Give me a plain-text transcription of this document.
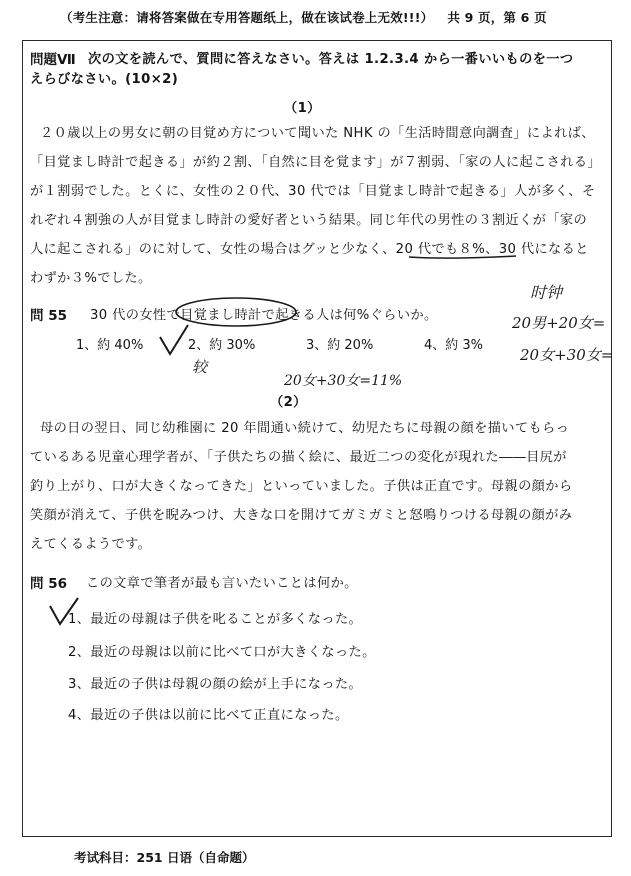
（考生注意：请将答案做在专用答题纸上，做在该试卷上无效!!!） 共 9 页，第 6 页
問題Ⅶ 次の文を読んで、質問に答えなさい。答えは 1.2.3.4 から一番いいものを一つ
えらびなさい。(10×2)
（1）
２０歳以上の男女に朝の目覚め方について聞いた NHK の「生活時間意向調査」によれば、
「目覚まし時計で起きる」が約２割、「自然に目を覚ます」が７割弱、「家の人に起こされる」
が１割弱でした。とくに、女性の２０代、30 代では「目覚まし時計で起きる」人が多く、そ
れぞれ４割強の人が目覚まし時計の愛好者という結果。同じ年代の男性の３割近くが「家の
人に起こされる」のに対して、女性の場合はグッと少なく、20 代でも８%、30 代になると
わずか３%でした。
問 55 30 代の女性で目覚まし時計で起きる人は何%ぐらいか。
1、約 40%	2、約 30%	3、約 20%	4、約 3%
（2）
母の日の翌日、同じ幼稚園に 20 年間通い続けて、幼児たちに母親の顔を描いてもらっ
ているある児童心理学者が、「子供たちの描く絵に、最近二つの変化が現れた――目尻が
釣り上がり、口が大きくなってきた」といっていました。子供は正直です。母親の顔から
笑顔が消えて、子供を睨みつけ、大きな口を開けてガミガミと怒鳴りつける母親の顔がみ
えてくるようです。
問 56 この文章で筆者が最も言いたいことは何か。
1、最近の母親は子供を叱ることが多くなった。
2、最近の母親は以前に比べて口が大きくなった。
3、最近の子供は母親の顔の絵が上手になった。
4、最近の子供は以前に比べて正直になった。
时钟
20男+20女=
20女+30女=
20女+30女=11%
较
考试科目：251 日语（自命题）
